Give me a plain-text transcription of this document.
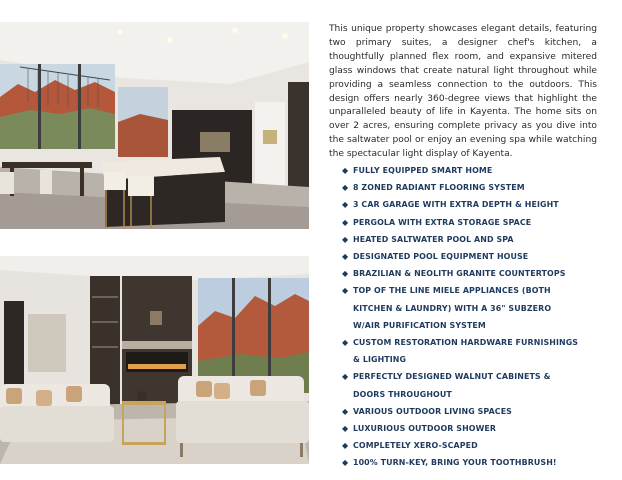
This unique property showcases elegant details, featuring two primary suites, a designer chef's kitchen, a thoughtfully planned flex room, and expansive mitered glass windows that create natural light throughout while providing a seamless connection to the outdoors. This design offers nearly 360-degree views that highlight the unparalleled beauty of life in Kayenta. The home sits on over 2 acres, ensuring complete privacy as you dive into the saltwater pool or enjoy an evening spa while watching the spectacular light display of Kayenta.

◆ FULLY EQUIPPED SMART HOME
◆ 8 ZONED RADIANT FLOORING SYSTEM
◆ 3 CAR GARAGE WITH EXTRA DEPTH & HEIGHT
◆ PERGOLA WITH EXTRA STORAGE SPACE
◆ HEATED SALTWATER POOL AND SPA
◆ DESIGNATED POOL EQUIPMENT HOUSE
◆ BRAZILIAN & NEOLITH GRANITE COUNTERTOPS
◆ TOP OF THE LINE MIELE APPLIANCES (BOTH KITCHEN & LAUNDRY) WITH A 36" SUBZERO W/AIR PURIFICATION SYSTEM
◆ CUSTOM RESTORATION HARDWARE FURNISHINGS & LIGHTING
◆ PERFECTLY DESIGNED WALNUT CABINETS & DOORS THROUGHOUT
◆ VARIOUS OUTDOOR LIVING SPACES
◆ LUXURIOUS OUTDOOR SHOWER
◆ COMPLETELY XERO-SCAPED
◆ 100% TURN-KEY, BRING YOUR TOOTHBRUSH!
